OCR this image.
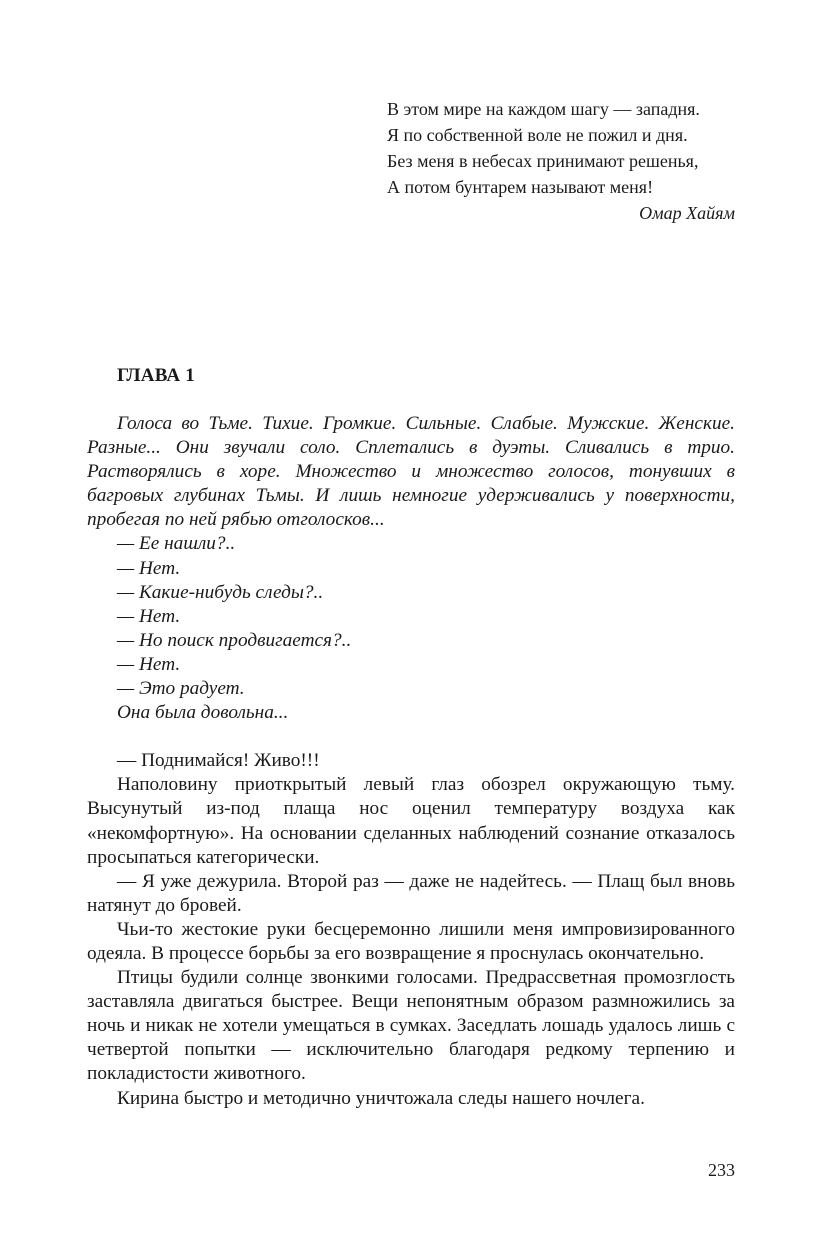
В этом мире на каждом шагу — западня.
Я по собственной воле не пожил и дня.
Без меня в небесах принимают решенья,
А потом бунтарем называют меня!
Омар Хайям
ГЛАВА 1

Голоса во Тьме. Тихие. Громкие. Сильные. Слабые. Мужские. Женские. Разные... Они звучали соло. Сплетались в дуэты. Сливались в трио. Растворялись в хоре. Множество и множество голосов, тонувших в багровых глубинах Тьмы. И лишь немногие удерживались у поверхности, пробегая по ней рябью отголосков...

— Ее нашли?..

— Нет.

— Какие-нибудь следы?..

— Нет.

— Но поиск продвигается?..

— Нет.

— Это радует.

Она была довольна...

— Поднимайся! Живо!!!

Наполовину приоткрытый левый глаз обозрел окружающую тьму. Высунутый из-под плаща нос оценил температуру воздуха как «некомфортную». На основании сделанных наблюдений сознание отказалось просыпаться категорически.

— Я уже дежурила. Второй раз — даже не надейтесь. — Плащ был вновь натянут до бровей.

Чьи-то жестокие руки бесцеремонно лишили меня импровизированного одеяла. В процессе борьбы за его возвращение я проснулась окончательно.

Птицы будили солнце звонкими голосами. Предрассветная промозглость заставляла двигаться быстрее. Вещи непонятным образом размножились за ночь и никак не хотели умещаться в сумках. Заседлать лошадь удалось лишь с четвертой попытки — исключительно благодаря редкому терпению и покладистости животного.

Кирина быстро и методично уничтожала следы нашего ночлега.

233
